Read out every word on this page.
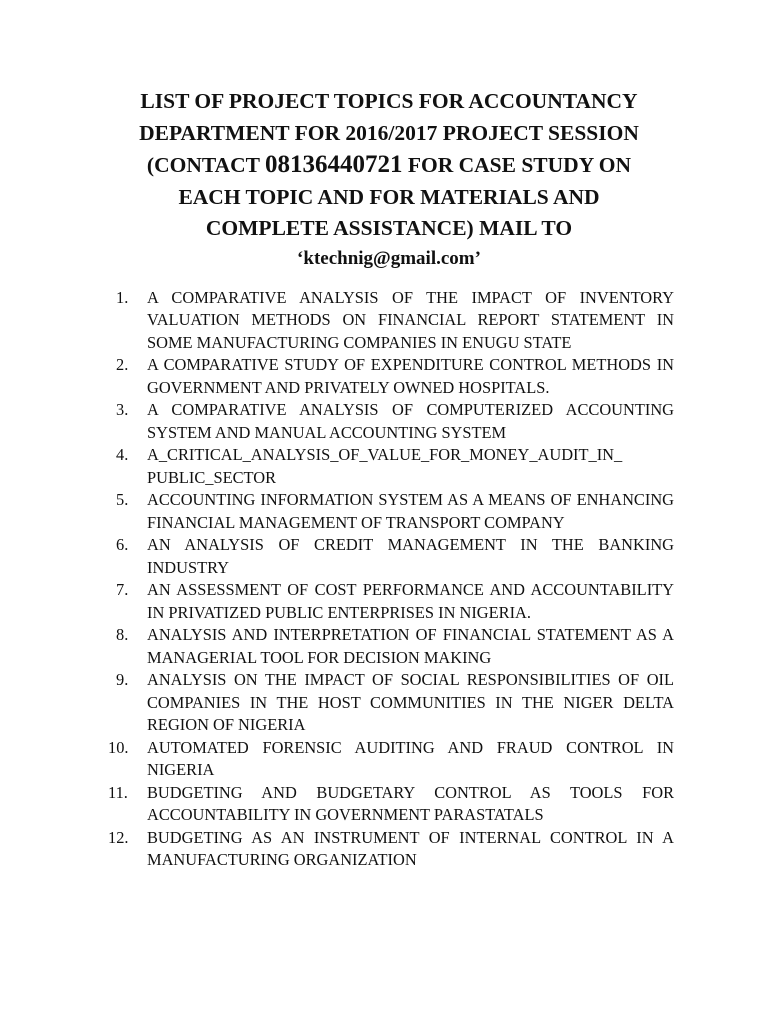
LIST OF PROJECT TOPICS FOR ACCOUNTANCY
DEPARTMENT FOR 2016/2017 PROJECT SESSION
(CONTACT 08136440721 FOR CASE STUDY ON
EACH TOPIC AND FOR MATERIALS AND
COMPLETE ASSISTANCE) MAIL TO
‘ktechnig@gmail.com’
1.	A COMPARATIVE ANALYSIS OF THE IMPACT OF INVENTORY VALUATION METHODS ON FINANCIAL REPORT STATEMENT IN SOME MANUFACTURING COMPANIES IN ENUGU STATE
2.	A COMPARATIVE STUDY OF EXPENDITURE CONTROL METHODS IN GOVERNMENT AND PRIVATELY OWNED HOSPITALS.
3.	A COMPARATIVE ANALYSIS OF COMPUTERIZED ACCOUNTING SYSTEM AND MANUAL ACCOUNTING SYSTEM
4.	A_CRITICAL_ANALYSIS_OF_VALUE_FOR_MONEY_AUDIT_IN_ PUBLIC_SECTOR
5.	ACCOUNTING INFORMATION SYSTEM AS A MEANS OF ENHANCING FINANCIAL MANAGEMENT OF TRANSPORT COMPANY
6.	AN ANALYSIS OF CREDIT MANAGEMENT IN THE BANKING INDUSTRY
7.	AN ASSESSMENT OF COST PERFORMANCE AND ACCOUNTABILITY IN PRIVATIZED PUBLIC ENTERPRISES IN NIGERIA.
8.	ANALYSIS AND INTERPRETATION OF FINANCIAL STATEMENT AS A MANAGERIAL TOOL FOR DECISION MAKING
9.	ANALYSIS ON THE IMPACT OF SOCIAL RESPONSIBILITIES OF OIL COMPANIES IN THE HOST COMMUNITIES IN THE NIGER DELTA REGION OF NIGERIA
10.	AUTOMATED FORENSIC AUDITING AND FRAUD CONTROL IN NIGERIA
11.	BUDGETING AND BUDGETARY CONTROL AS TOOLS FOR ACCOUNTABILITY IN GOVERNMENT PARASTATALS
12.	BUDGETING AS AN INSTRUMENT OF INTERNAL CONTROL IN A MANUFACTURING ORGANIZATION
